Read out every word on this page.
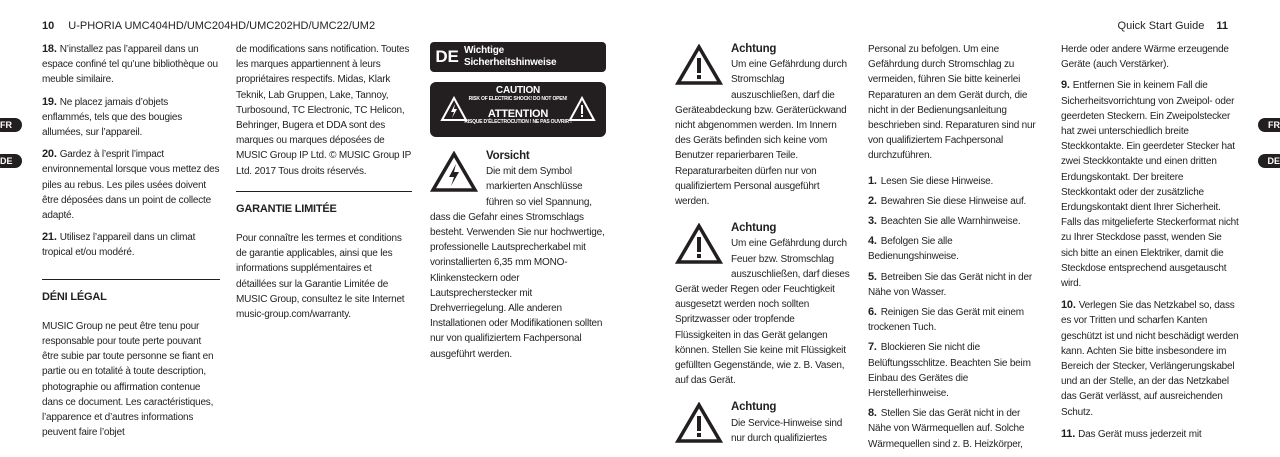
10 U-PHORIA UMC404HD/UMC204HD/UMC202HD/UMC22/UM2	Quick Start Guide 11
FR
DE
FR
DE
18. N’installez pas l’appareil dans un espace confiné tel qu’une bibliothèque ou meuble similaire.
19. Ne placez jamais d’objets enflammés, tels que des bougies allumées, sur l’appareil.
20. Gardez à l’esprit l’impact environnemental lorsque vous mettez des piles au rebus. Les piles usées doivent être déposées dans un point de collecte adapté.
21. Utilisez l’appareil dans un climat tropical et/ou modéré.
DÉNI LÉGAL

MUSIC Group ne peut être tenu pour responsable pour toute perte pouvant être subie par toute personne se fiant en partie ou en totalité à toute description, photographie ou affirmation contenue dans ce document. Les caractéristiques, l’apparence et d’autres informations peuvent faire l’objet

de modifications sans notification. Toutes les marques appartiennent à leurs propriétaires respectifs. Midas, Klark Teknik, Lab Gruppen, Lake, Tannoy, Turbosound, TC Electronic, TC Helicon, Behringer, Bugera et DDA sont des marques ou marques déposées de MUSIC Group IP Ltd. © MUSIC Group IP Ltd. 2017 Tous droits réservés.

GARANTIE LIMITÉE

Pour connaître les termes et conditions de garantie applicables, ainsi que les informations supplémentaires et détaillées sur la Garantie Limitée de MUSIC Group, consultez le site Internet music-group.com/warranty.

DE Wichtige
Sicherheitshinweise
CAUTION
RISK OF ELECTRIC SHOCK! DO NOT OPEN!
ATTENTION
RISQUE D’ÉLECTROCUTION ! NE PAS OUVRIR !
Vorsicht
Die mit dem Symbol markierten Anschlüsse führen so viel Spannung, dass die Gefahr eines Stromschlags besteht. Verwenden Sie nur hochwertige, professionelle Lautsprecherkabel mit vorinstallierten 6,35 mm MONO-Klinkensteckern oder Lautsprecherstecker mit Drehverriegelung. Alle anderen Installationen oder Modifikationen sollten nur von qualifiziertem Fachpersonal ausgeführt werden.
Achtung
Um eine Gefährdung durch Stromschlag auszuschließen, darf die Geräteabdeckung bzw. Geräterückwand nicht abgenommen werden. Im Innern des Geräts befinden sich keine vom Benutzer reparierbaren Teile. Reparaturarbeiten dürfen nur von qualifiziertem Personal ausgeführt werden.
Achtung
Um eine Gefährdung durch Feuer bzw. Stromschlag auszuschließen, darf dieses Gerät weder Regen oder Feuchtigkeit ausgesetzt werden noch sollten Spritzwasser oder tropfende Flüssigkeiten in das Gerät gelangen können. Stellen Sie keine mit Flüssigkeit gefüllten Gegenstände, wie z. B. Vasen, auf das Gerät.
Achtung
Die Service-Hinweise sind nur durch qualifiziertes

Personal zu befolgen. Um eine Gefährdung durch Stromschlag zu vermeiden, führen Sie bitte keinerlei Reparaturen an dem Gerät durch, die nicht in der Bedienungsanleitung beschrieben sind. Reparaturen sind nur von qualifiziertem Fachpersonal durchzuführen.

1. Lesen Sie diese Hinweise.
2. Bewahren Sie diese Hinweise auf.
3. Beachten Sie alle Warnhinweise.
4. Befolgen Sie alle Bedienungshinweise.
5. Betreiben Sie das Gerät nicht in der Nähe von Wasser.
6. Reinigen Sie das Gerät mit einem trockenen Tuch.
7. Blockieren Sie nicht die Belüftungsschlitze. Beachten Sie beim Einbau des Gerätes die Herstellerhinweise.
8. Stellen Sie das Gerät nicht in der Nähe von Wärmequellen auf. Solche Wärmequellen sind z. B. Heizkörper,

Herde oder andere Wärme erzeugende Geräte (auch Verstärker).

9. Entfernen Sie in keinem Fall die Sicherheitsvorrichtung von Zweipol- oder geerdeten Steckern. Ein Zweipolstecker hat zwei unterschiedlich breite Steckkontakte. Ein geerdeter Stecker hat zwei Steckkontakte und einen dritten Erdungskontakt. Der breitere Steckkontakt oder der zusätzliche Erdungskontakt dient Ihrer Sicherheit. Falls das mitgelieferte Steckerformat nicht zu Ihrer Steckdose passt, wenden Sie sich bitte an einen Elektriker, damit die Steckdose entsprechend ausgetauscht wird.
10. Verlegen Sie das Netzkabel so, dass es vor Tritten und scharfen Kanten geschützt ist und nicht beschädigt werden kann. Achten Sie bitte insbesondere im Bereich der Stecker, Verlängerungskabel und an der Stelle, an der das Netzkabel das Gerät verlässt, auf ausreichenden Schutz.
11. Das Gerät muss jederzeit mit
